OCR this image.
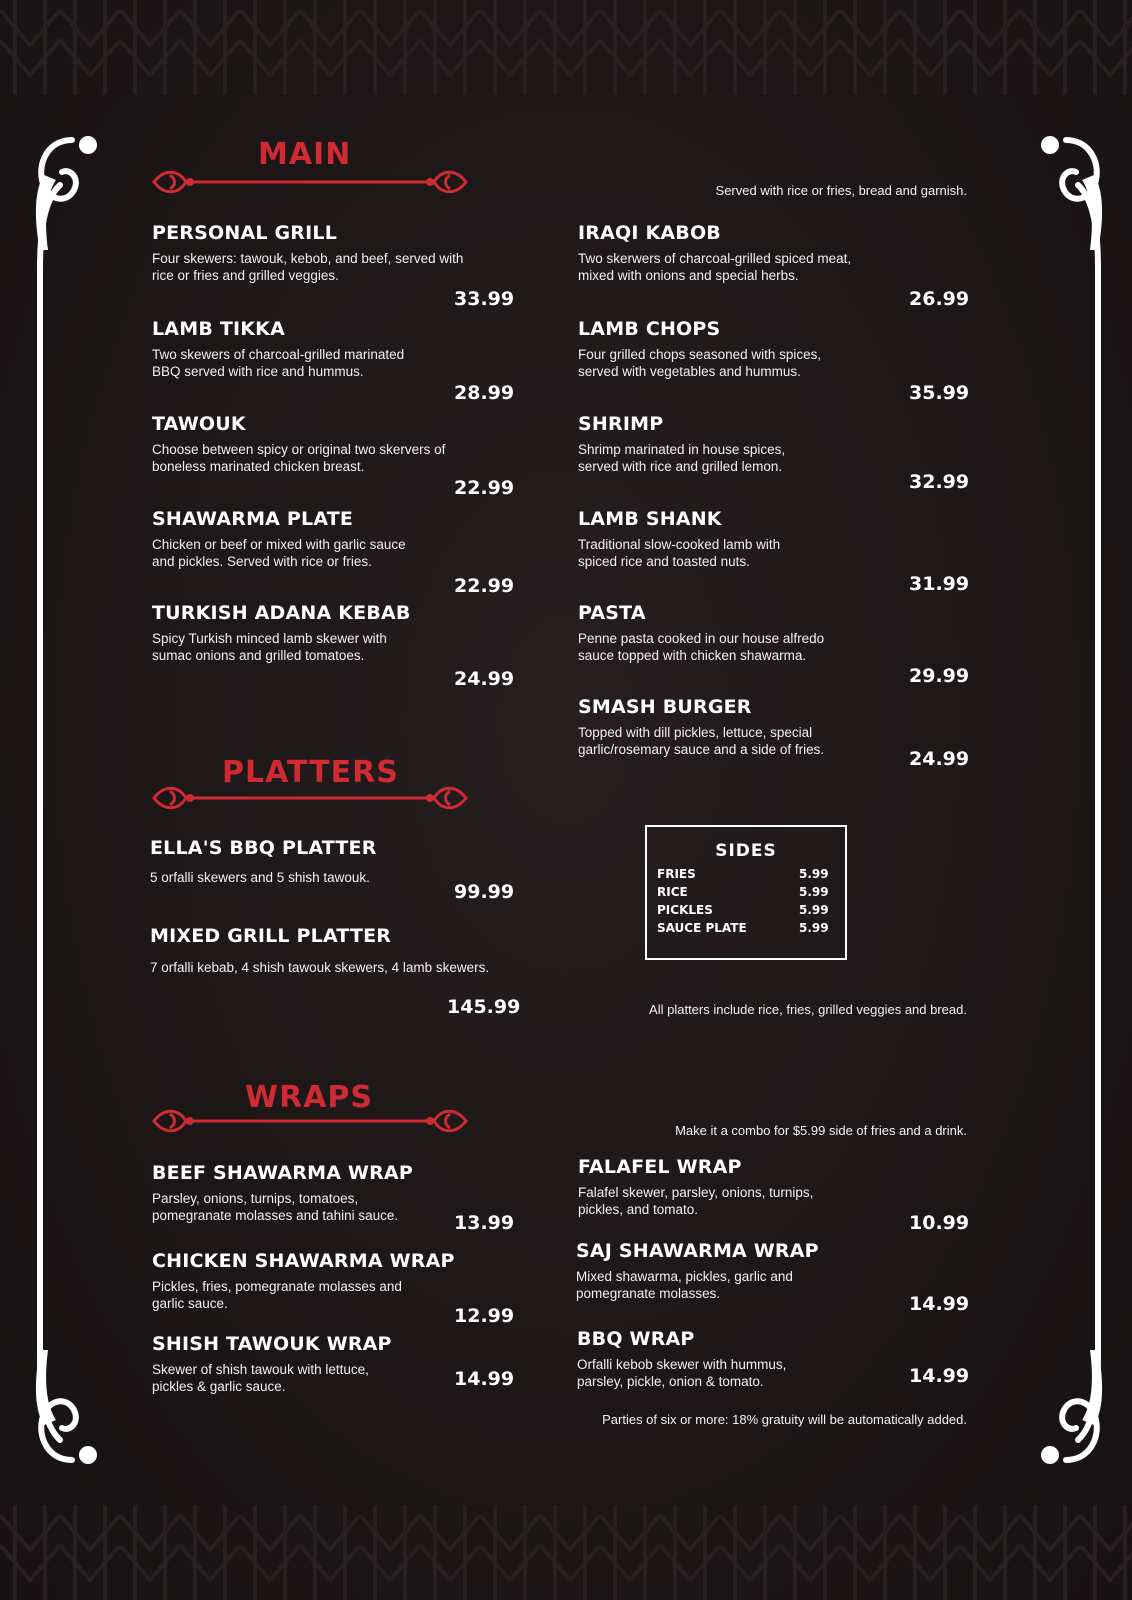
MAIN
Served with rice or fries, bread and garnish.
PERSONAL GRILL
Four skewers: tawouk, kebob, and beef, served with rice or fries and grilled veggies.
33.99
LAMB TIKKA
Two skewers of charcoal-grilled marinated BBQ served with rice and hummus.
28.99
TAWOUK
Choose between spicy or original two skervers of boneless marinated chicken breast.
22.99
SHAWARMA PLATE
Chicken or beef or mixed with garlic sauce and pickles. Served with rice or fries.
22.99
TURKISH ADANA KEBAB
Spicy Turkish minced lamb skewer with sumac onions and grilled tomatoes.
24.99
IRAQI KABOB
Two skerwers of charcoal-grilled spiced meat, mixed with onions and special herbs.
26.99
LAMB CHOPS
Four grilled chops seasoned with spices, served with vegetables and hummus.
35.99
SHRIMP
Shrimp marinated in house spices, served with rice and grilled lemon.
32.99
LAMB SHANK
Traditional slow-cooked lamb with spiced rice and toasted nuts.
31.99
PASTA
Penne pasta cooked in our house alfredo sauce topped with chicken shawarma.
29.99
SMASH BURGER
Topped with dill pickles, lettuce, special garlic/rosemary sauce and a side of fries.	24.99
PLATTERS
ELLA'S BBQ PLATTER
5 orfalli skewers and 5 shish tawouk.
99.99
MIXED GRILL PLATTER
7 orfalli kebab, 4 shish tawouk skewers, 4 lamb skewers.
145.99
SIDES
FRIES	5.99
RICE	5.99
PICKLES	5.99
SAUCE PLATE	5.99
All platters include rice, fries, grilled veggies and bread.
WRAPS
Make it a combo for $5.99 side of fries and a drink.
BEEF SHAWARMA WRAP
Parsley, onions, turnips, tomatoes, pomegranate molasses and tahini sauce.	13.99
CHICKEN SHAWARMA WRAP
Pickles, fries, pomegranate molasses and garlic sauce.
12.99
SHISH TAWOUK WRAP
Skewer of shish tawouk with lettuce, pickles & garlic sauce.	14.99
FALAFEL WRAP
Falafel skewer, parsley, onions, turnips, pickles, and tomato.
10.99
SAJ SHAWARMA WRAP
Mixed shawarma, pickles, garlic and pomegranate molasses.	14.99
BBQ WRAP
Orfalli kebob skewer with hummus, parsley, pickle, onion & tomato.	14.99
Parties of six or more: 18% gratuity will be automatically added.
